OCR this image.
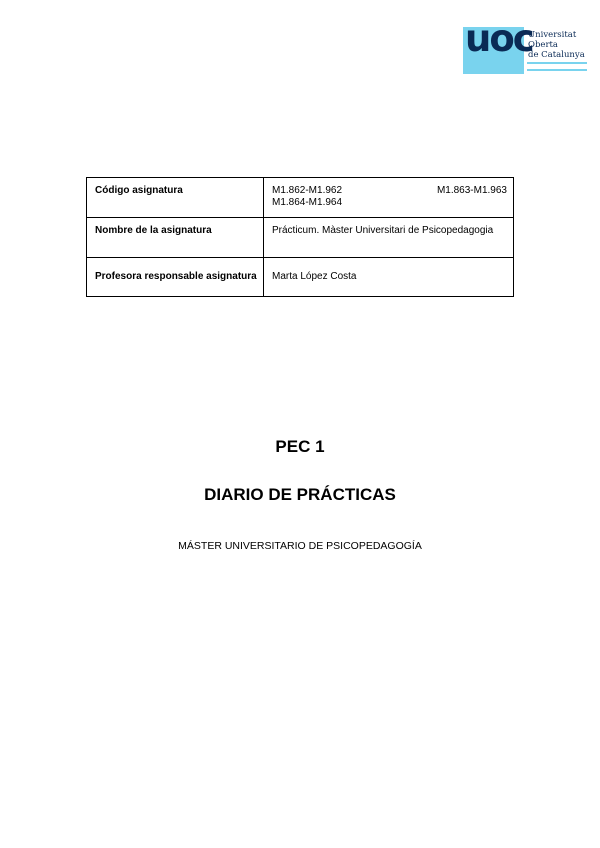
uoc
Universitat
Oberta
de Catalunya
Código asignatura	M1.862-M1.962 M1.863-M1.963
M1.864-M1.964

Nombre de la asignatura	Prácticum. Màster Universitari de Psicopedagogia
Profesora responsable asignatura	Marta López Costa
PEC 1
DIARIO DE PRÁCTICAS
MÁSTER UNIVERSITARIO DE PSICOPEDAGOGÍA
